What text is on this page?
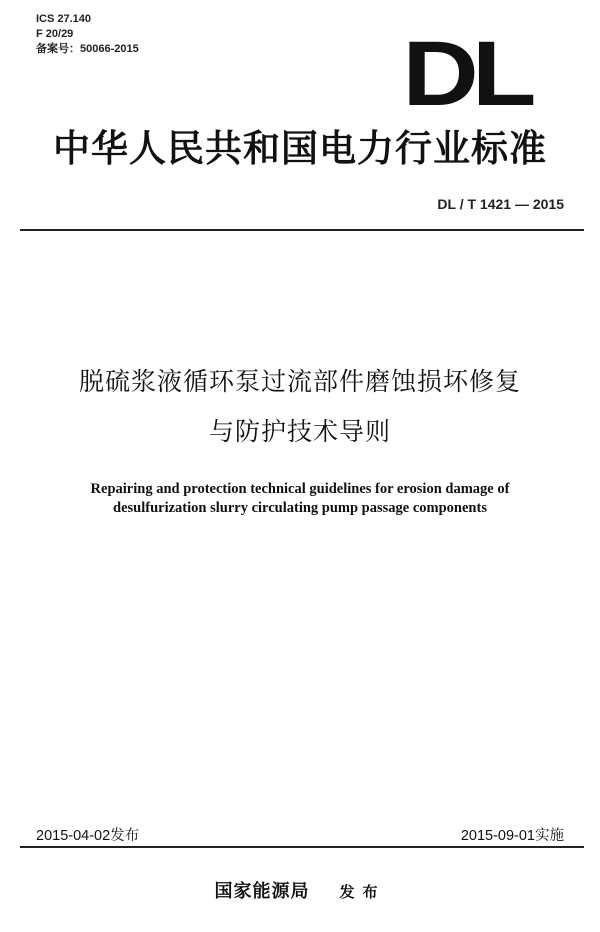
ICS 27.140
F 20/29
备案号：50066-2015	DL
中华人民共和国电力行业标准
DL / T 1421 — 2015
脱硫浆液循环泵过流部件磨蚀损坏修复
与防护技术导则
Repairing and protection technical guidelines for erosion damage of
desulfurization slurry circulating pump passage components
2015-04-02发布	2015-09-01实施
国家能源局 发布
